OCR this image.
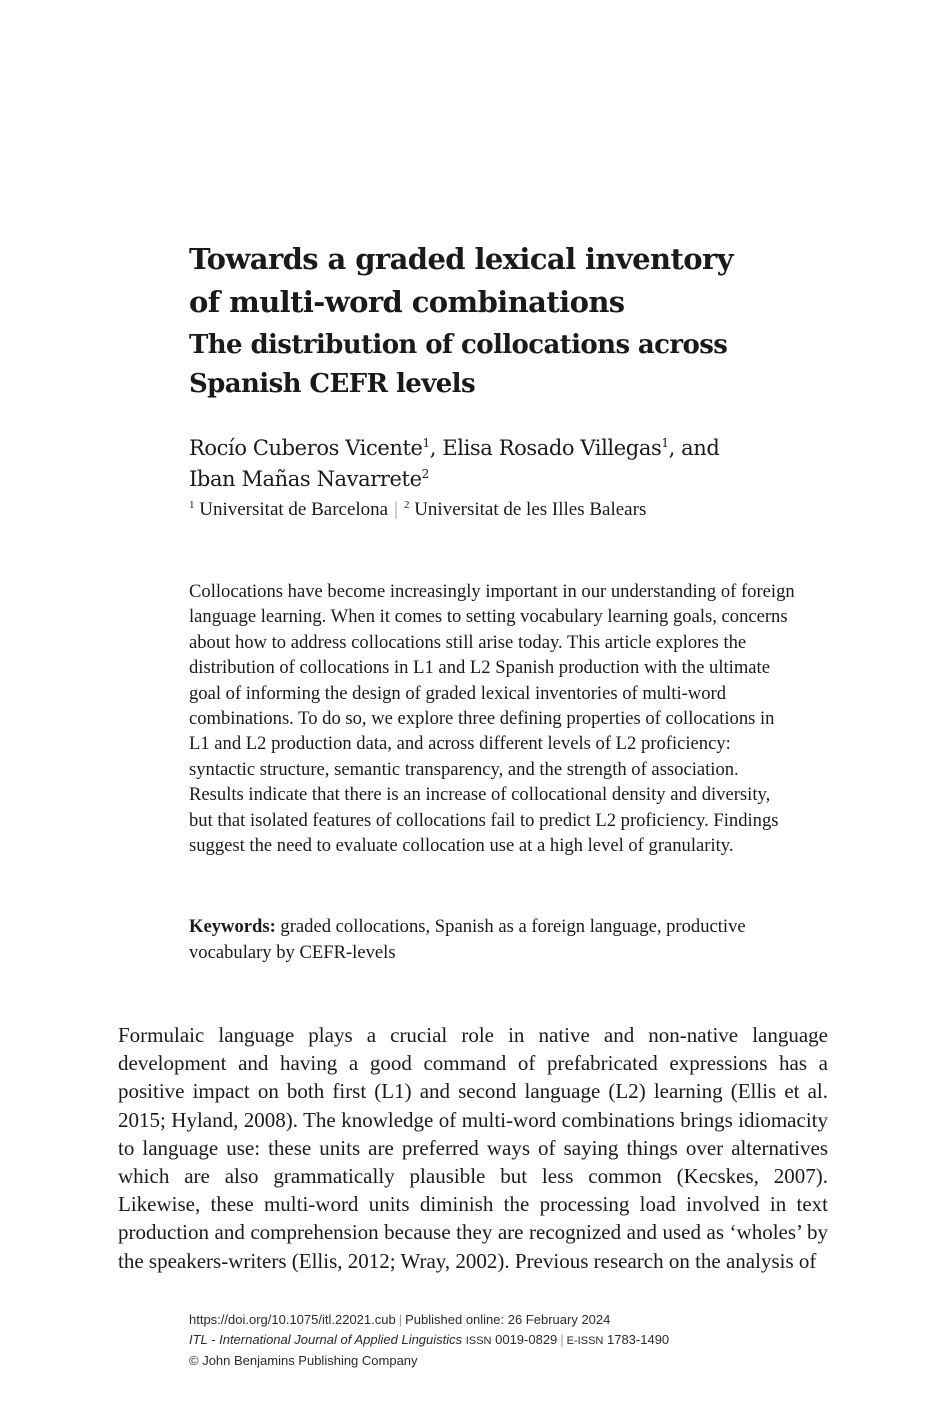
Towards a graded lexical inventory
of multi-word combinations
The distribution of collocations across Spanish CEFR levels
Rocío Cuberos Vicente$^1$, Elisa Rosado Villegas$^1$, and
Iban Mañas Navarrete$^2$
$^1$ Universitat de Barcelona | $^2$ Universitat de les Illes Balears

Collocations have become increasingly important in our understanding of foreign language learning. When it comes to setting vocabulary learning goals, concerns about how to address collocations still arise today. This article explores the distribution of collocations in L1 and L2 Spanish production with the ultimate goal of informing the design of graded lexical inventories of multi-word combinations. To do so, we explore three defining properties of collocations in L1 and L2 production data, and across different levels of L2 proficiency: syntactic structure, semantic transparency, and the strength of association. Results indicate that there is an increase of collocational density and diversity, but that isolated features of collocations fail to predict L2 proficiency. Findings suggest the need to evaluate collocation use at a high level of granularity.

Keywords: graded collocations, Spanish as a foreign language, productive vocabulary by CEFR-levels

Formulaic language plays a crucial role in native and non-native language development and having a good command of prefabricated expressions has a positive impact on both first (L1) and second language (L2) learning (Ellis et al. 2015; Hyland, 2008). The knowledge of multi-word combinations brings idiomacity to language use: these units are preferred ways of saying things over alternatives which are also grammatically plausible but less common (Kecskes, 2007). Likewise, these multi-word units diminish the processing load involved in text production and comprehension because they are recognized and used as ‘wholes’ by the speakers-writers (Ellis, 2012; Wray, 2002). Previous research on the analysis of

https://doi.org/10.1075/itl.22021.cub | Published online: 26 February 2024
ITL - International Journal of Applied Linguistics ISSN 0019-0829 | E-ISSN 1783-1490
© John Benjamins Publishing Company
